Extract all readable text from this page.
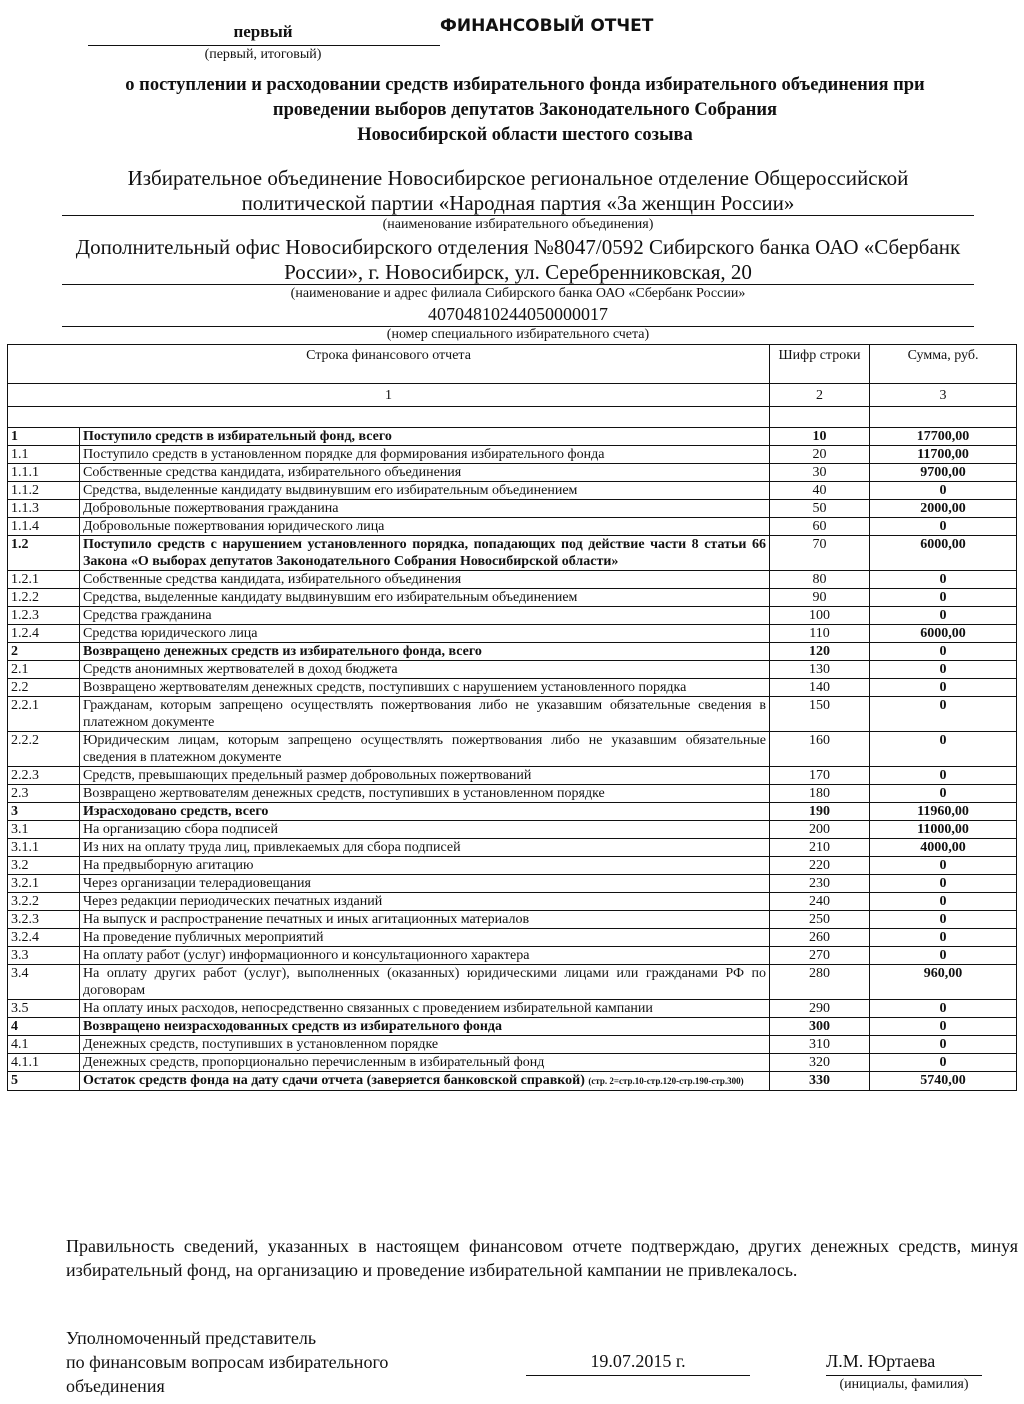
первый
(первый, итоговый)
ФИНАНСОВЫЙ ОТЧЕТ
о поступлении и расходовании средств избирательного фонда избирательного объединения при
проведении выборов депутатов Законодательного Собрания
Новосибирской области шестого созыва
Избирательное объединение Новосибирское региональное отделение Общероссийской
политической партии «Народная партия «За женщин России»
(наименование избирательного объединения)
Дополнительный офис Новосибирского отделения №8047/0592 Сибирского банка ОАО «Сбербанк
России», г. Новосибирск, ул. Серебренниковская, 20
(наименование и адрес филиала Сибирского банка ОАО «Сбербанк России»
40704810244050000017
(номер специального избирательного счета)
Строка финансового отчета		Шифр строки	Сумма, руб.
1		2	3

1	Поступило средств в избирательный фонд, всего	10	17700,00
1.1	Поступило средств в установленном порядке для формирования избирательного фонда	20	11700,00
1.1.1	Собственные средства кандидата, избирательного объединения	30	9700,00
1.1.2	Средства, выделенные кандидату выдвинувшим его избирательным объединением	40	0
1.1.3	Добровольные пожертвования гражданина	50	2000,00
1.1.4	Добровольные пожертвования юридического лица	60	0
1.2	Поступило средств с нарушением установленного порядка, попадающих под действие части 8 статьи 66 Закона «О выборах депутатов Законодательного Собрания Новосибирской области»	70	6000,00
1.2.1	Собственные средства кандидата, избирательного объединения	80	0
1.2.2	Средства, выделенные кандидату выдвинувшим его избирательным объединением	90	0
1.2.3	Средства гражданина	100	0
1.2.4	Средства юридического лица	110	6000,00
2	Возвращено денежных средств из избирательного фонда, всего	120	0
2.1	Средств анонимных жертвователей в доход бюджета	130	0
2.2	Возвращено жертвователям денежных средств, поступивших с нарушением установленного порядка	140	0
2.2.1	Гражданам, которым запрещено осуществлять пожертвования либо не указавшим обязательные сведения в платежном документе	150	0
2.2.2	Юридическим лицам, которым запрещено осуществлять пожертвования либо не указавшим обязательные сведения в платежном документе	160	0
2.2.3	Средств, превышающих предельный размер добровольных пожертвований	170	0
2.3	Возвращено жертвователям денежных средств, поступивших в установленном порядке	180	0
3	Израсходовано средств, всего	190	11960,00
3.1	На организацию сбора подписей	200	11000,00
3.1.1	Из них на оплату труда лиц, привлекаемых для сбора подписей	210	4000,00
3.2	На предвыборную агитацию	220	0
3.2.1	Через организации телерадиовещания	230	0
3.2.2	Через редакции периодических печатных изданий	240	0
3.2.3	На выпуск и распространение печатных и иных агитационных материалов	250	0
3.2.4	На проведение публичных мероприятий	260	0
3.3	На оплату работ (услуг) информационного и консультационного характера	270	0
3.4	На оплату других работ (услуг), выполненных (оказанных) юридическими лицами или гражданами РФ по договорам	280	960,00
3.5	На оплату иных расходов, непосредственно связанных с проведением избирательной кампании	290	0
4	Возвращено неизрасходованных средств из избирательного фонда	300	0
4.1	Денежных средств, поступивших в установленном порядке	310	0
4.1.1	Денежных средств, пропорционально перечисленным в избирательный фонд	320	0
5	Остаток средств фонда на дату сдачи отчета (заверяется банковской справкой) (стр. 2=стр.10-стр.120-стр.190-стр.300)	330	5740,00
Правильность сведений, указанных в настоящем финансовом отчете подтверждаю, других денежных средств, минуя избирательный фонд, на организацию и проведение избирательной кампании не привлекалось.
Уполномоченный представитель
по финансовым вопросам избирательного
объединения
19.07.2015 г.	Л.М. Юртаева
(инициалы, фамилия)
